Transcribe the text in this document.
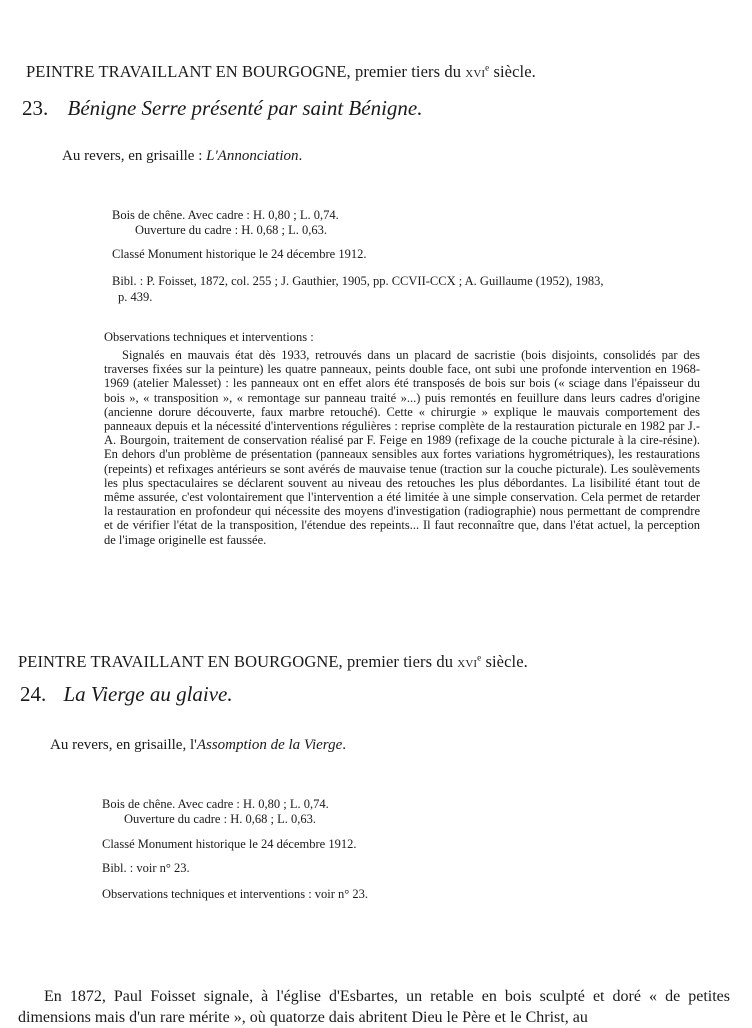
PEINTRE TRAVAILLANT EN BOURGOGNE, premier tiers du xvi$^e$ siècle.
23. Bénigne Serre présenté par saint Bénigne.
Au revers, en grisaille : L'Annonciation.
Bois de chêne. Avec cadre : H. 0,80 ; L. 0,74.
Ouverture du cadre : H. 0,68 ; L. 0,63.
Classé Monument historique le 24 décembre 1912.
Bibl. : P. Foisset, 1872, col. 255 ; J. Gauthier, 1905, pp. CCVII-CCX ; A. Guillaume (1952), 1983,
p. 439.
Observations techniques et interventions :
Signalés en mauvais état dès 1933, retrouvés dans un placard de sacristie (bois disjoints, consolidés par des traverses fixées sur la peinture) les quatre panneaux, peints double face, ont subi une profonde intervention en 1968-1969 (atelier Malesset) : les panneaux ont en effet alors été transposés de bois sur bois (« sciage dans l'épaisseur du bois », « transposition », « remontage sur panneau traité »...) puis remontés en feuillure dans leurs cadres d'origine (ancienne dorure découverte, faux marbre retouché). Cette « chirurgie » explique le mauvais comportement des panneaux depuis et la nécessité d'interventions régulières : reprise complète de la restauration picturale en 1982 par J.-A. Bourgoin, traitement de conservation réalisé par F. Feige en 1989 (refixage de la couche picturale à la cire-résine). En dehors d'un problème de présentation (panneaux sensibles aux fortes variations hygrométriques), les restaurations (repeints) et refixages antérieurs se sont avérés de mauvaise tenue (traction sur la couche picturale). Les soulèvements les plus spectaculaires se déclarent souvent au niveau des retouches les plus débordantes. La lisibilité étant tout de même assurée, c'est volontairement que l'intervention a été limitée à une simple conservation. Cela permet de retarder la restauration en profondeur qui nécessite des moyens d'investigation (radiographie) nous permettant de comprendre et de vérifier l'état de la transposition, l'étendue des repeints... Il faut reconnaître que, dans l'état actuel, la perception de l'image originelle est faussée.
PEINTRE TRAVAILLANT EN BOURGOGNE, premier tiers du xvi$^e$ siècle.
24. La Vierge au glaive.
Au revers, en grisaille, l'Assomption de la Vierge.
Bois de chêne. Avec cadre : H. 0,80 ; L. 0,74.
Ouverture du cadre : H. 0,68 ; L. 0,63.
Classé Monument historique le 24 décembre 1912.
Bibl. : voir n° 23.
Observations techniques et interventions : voir n° 23.
En 1872, Paul Foisset signale, à l'église d'Esbartes, un retable en bois sculpté et doré « de petites dimensions mais d'un rare mérite », où quatorze dais abritent Dieu le Père et le Christ, au
